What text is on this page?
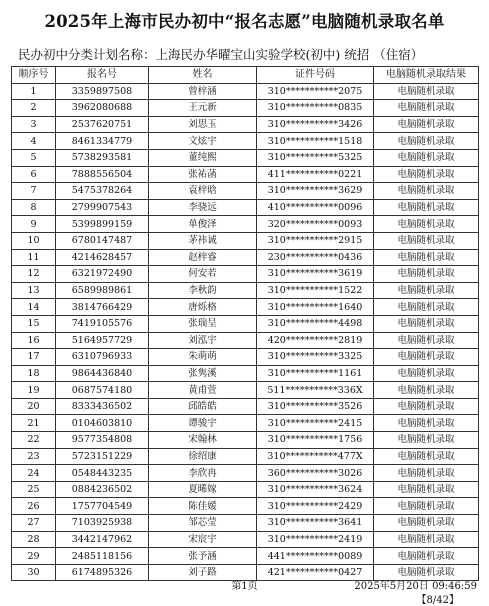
2025年上海市民办初中“报名志愿”电脑随机录取名单
民办初中分类计划名称：上海民办华曜宝山实验学校(初中) 统招 （住宿）
顺序号	报名号	姓名	证件号码	电脑随机录取结果
1	3359897508	曾梓涵	310***********2075	电脑随机录取
2	3962080688	王元新	310***********0835	电脑随机录取
3	2537620751	刘思玉	310***********3426	电脑随机录取
4	8461334779	文炫宇	310***********1518	电脑随机录取
5	5738293581	董纯熙	310***********5325	电脑随机录取
6	7888556504	张祐菡	411***********0221	电脑随机录取
7	5475378264	袁梓晗	310***********3629	电脑随机录取
8	2799907543	李骁远	410***********0096	电脑随机录取
9	5399899159	单俊泽	320***********0093	电脑随机录取
10	6780147487	茅祎诚	310***********2915	电脑随机录取
11	4214628457	赵梓睿	230***********0436	电脑随机录取
12	6321972490	何安若	310***********3619	电脑随机录取
13	6589989861	李秋韵	310***********1522	电脑随机录取
14	3814766429	唐烁格	310***********1640	电脑随机录取
15	7419105576	张瑞呈	310***********4498	电脑随机录取
16	5164957729	刘泓宇	420***********2819	电脑随机录取
17	6310796933	朱萌萌	310***********3325	电脑随机录取
18	9864436840	张隽溪	310***********1161	电脑随机录取
19	0687574180	黄甫萱	511***********336X	电脑随机录取
20	8333436502	邱皓皓	310***********3526	电脑随机录取
21	0104603810	谭骏宇	310***********2415	电脑随机录取
22	9577354808	宋翰林	310***********1756	电脑随机录取
23	5723151229	徐绍康	310***********477X	电脑随机录取
24	0548443235	李欣冉	360***********3026	电脑随机录取
25	0884236502	夏晞嫁	310***********3624	电脑随机录取
26	1757704549	陈佳媛	310***********2429	电脑随机录取
27	7103925938	邹芯莹	310***********3641	电脑随机录取
28	3442147962	宋宸宇	310***********2419	电脑随机录取
29	2485118156	张予涵	441***********0089	电脑随机录取
30	6174895326	刘子路	421***********0427	电脑随机录取
第1页	2025年5月20日 09:46:59
【8/42】
